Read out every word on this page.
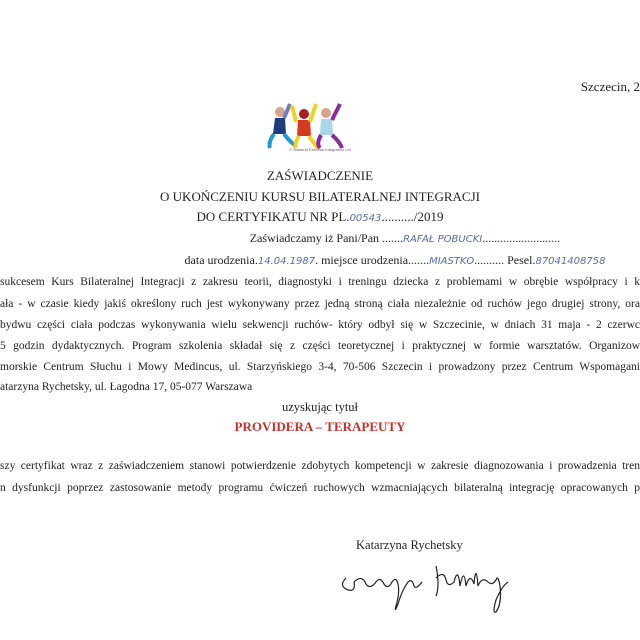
Szczecin, 2
© Bilateral Exercise Integration Ltd
ZAŚWIADCZENIE
O UKOŃCZENIU KURSU BILATERALNEJ INTEGRACJI
DO CERTYFIKATU NR PL.00543........../2019
Zaświadczamy iż Pani/Pan .......RAFAŁ POBUCKI..........................
data urodzenia.14.04.1987. miejsce urodzenia.......MIASTKO.......... Pesel.87041408758
sukcesem Kurs Bilateralnej Integracji z zakresu teorii, diagnostyki i treningu dziecka z problemami w obrębie współpracy i k
ała - w czasie kiedy jakiś określony ruch jest wykonywany przez jedną stroną ciała niezależnie od ruchów jego drugiej strony, ora
bydwu części ciała podczas wykonywania wielu sekwencji ruchów- który odbył się w Szczecinie, w dniach 31 maja - 2 czerwc
5 godzin dydaktycznych. Program szkolenia składał się z części teoretycznej i praktycznej w formie warsztatów. Organizow
morskie Centrum Słuchu i Mowy Medincus, ul. Starzyńskiego 3-4, 70-506 Szczecin i prowadzony przez Centrum Wspomagani
atarzyna Rychetsky, ul. Łagodna 17, 05-077 Warszawa
uzyskując tytuł
PROVIDERA – TERAPEUTY
szy certyfikat wraz z zaświadczeniem stanowi potwierdzenie zdobytych kompetencji w zakresie diagnozowania i prowadzenia tren
n dysfunkcji poprzez zastosowanie metody programu ćwiczeń ruchowych wzmacniających bilateralną integrację opracowanych p
Katarzyna Rychetsky
